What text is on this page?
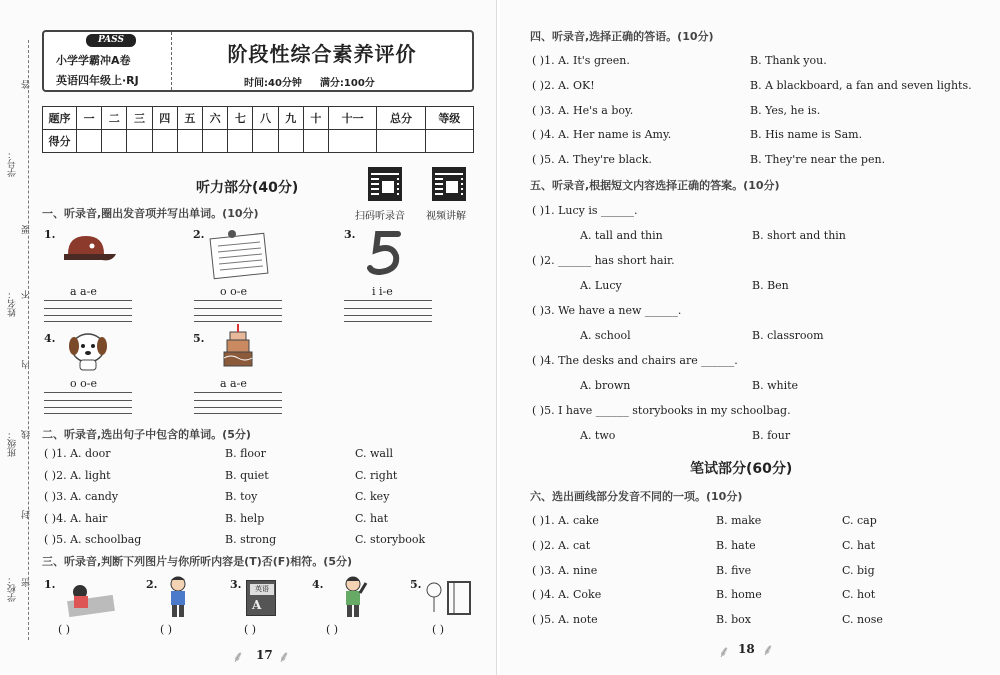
学号：
姓名：
班级：
学校：
答
要
不
内
线
封
密
PASS
小学学霸冲A卷
英语四年级上·RJ
阶段性综合素养评价
时间:40分钟 满分:100分
题序	一	二	三	四	五	六	七	八	九	十	十一	总分	等级
得分													
听力部分(40分)
扫码听录音 视频讲解
一、听录音,圈出发音项并写出单词。(10分)
1.
a a-e
2.
o o-e
3.
i i-e
4.
o o-e
5.
a a-e
二、听录音,选出句子中包含的单词。(5分)
( )1. A. door	B. floor	C. wall
( )2. A. light	B. quiet	C. right
( )3. A. candy	B. toy	C. key
( )4. A. hair	B. help	C. hat
( )5. A. schoolbag	B. strong	C. storybook
三、听录音,判断下列图片与你所听内容是(T)否(F)相符。(5分)
1.	2.	3.	英语
A
4.	5.
( )	( )	( )	( )	( )
⸙ 17 ⸙
四、听录音,选择正确的答语。(10分)
( )1. A. It's green.	B. Thank you.
( )2. A. OK!	B. A blackboard, a fan and seven lights.
( )3. A. He's a boy.	B. Yes, he is.
( )4. A. Her name is Amy.	B. His name is Sam.
( )5. A. They're black.	B. They're near the pen.
五、听录音,根据短文内容选择正确的答案。(10分)
( )1. Lucy is ______.
A. tall and thin	B. short and thin
( )2. ______ has short hair.
A. Lucy	B. Ben
( )3. We have a new ______.
A. school	B. classroom
( )4. The desks and chairs are ______.
A. brown	B. white
( )5. I have ______ storybooks in my schoolbag.
A. two	B. four
笔试部分(60分)
六、选出画线部分发音不同的一项。(10分)
( )1. A. cake	B. make	C. cap
( )2. A. cat	B. hate	C. hat
( )3. A. nine	B. five	C. big
( )4. A. Coke	B. home	C. hot
( )5. A. note	B. box	C. nose
⸙ 18 ⸙
